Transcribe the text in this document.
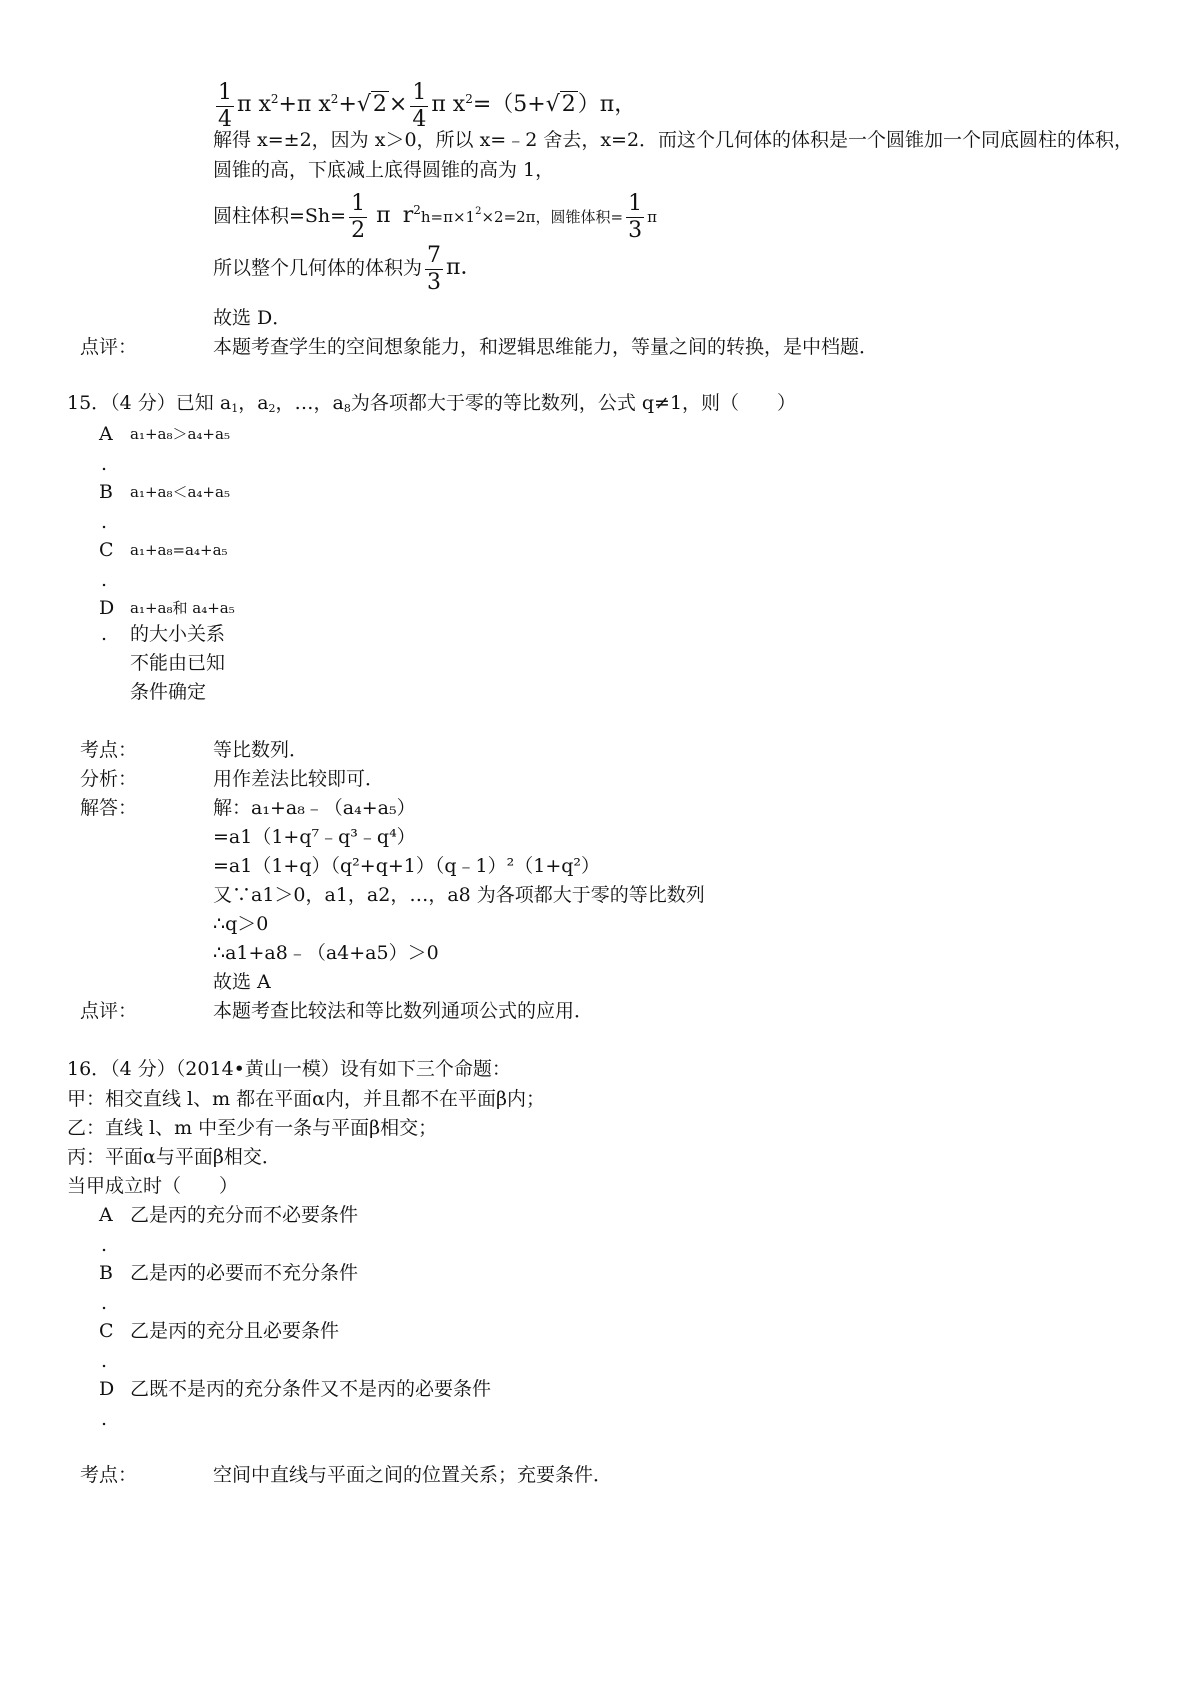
$\frac{1}{4}$ π $x^2+\pi$ $x^2+√2\times \frac{1}{4}$ π $x^2=(5+√2)\pi$，
解得 x=±2，因为 x＞0，所以 x=﹣2 舍去，x=2．而这个几何体的体积是一个圆锥加一个同底圆柱的体积，
圆锥的高，下底减上底得圆锥的高为 1，
圆柱体积$=Sh= \frac{1}{2}$ π $r^2h=\pi\times 1^2\times 2=2\pi$，圆锥体积= $\frac{1}{3}$ π
所以整个几何体的体积为 $\frac{7}{3}$ π．
故选 D．
点评：	本题考查学生的空间想象能力，和逻辑思维能力，等量之间的转换，是中档题．
15．（4 分）已知 $a_1$，$a_2$，…，$a_8$为各项都大于零的等比数列，公式 q≠1，则（　　）
A a₁+a₈＞a₄+a₅
.
B a₁+a₈＜a₄+a₅
.
C a₁+a₈=a₄+a₅
.
D a₁+a₈和 a₄+a₅
. 的大小关系
不能由已知
条件确定
考点：	等比数列．
分析：	用作差法比较即可．
解答：	解：a₁+a₈﹣（a₄+a₅）
=a1（1+q⁷﹣q³﹣q⁴）
=a1（1+q）（q²+q+1）（q﹣1）²（1+q²）
又∵a1＞0，a1，a2，…，a8 为各项都大于零的等比数列
∴q＞0
∴a1+a8﹣（a4+a5）＞0
故选 A
点评：	本题考查比较法和等比数列通项公式的应用．
16．（4 分）（2014•黄山一模）设有如下三个命题：
甲：相交直线 l、m 都在平面α内，并且都不在平面β内；
乙：直线 l、m 中至少有一条与平面β相交；
丙：平面α与平面β相交．
当甲成立时（　　）
A 乙是丙的充分而不必要条件
.
B 乙是丙的必要而不充分条件
.
C 乙是丙的充分且必要条件
.
D 乙既不是丙的充分条件又不是丙的必要条件
.
考点：	空间中直线与平面之间的位置关系；充要条件．
